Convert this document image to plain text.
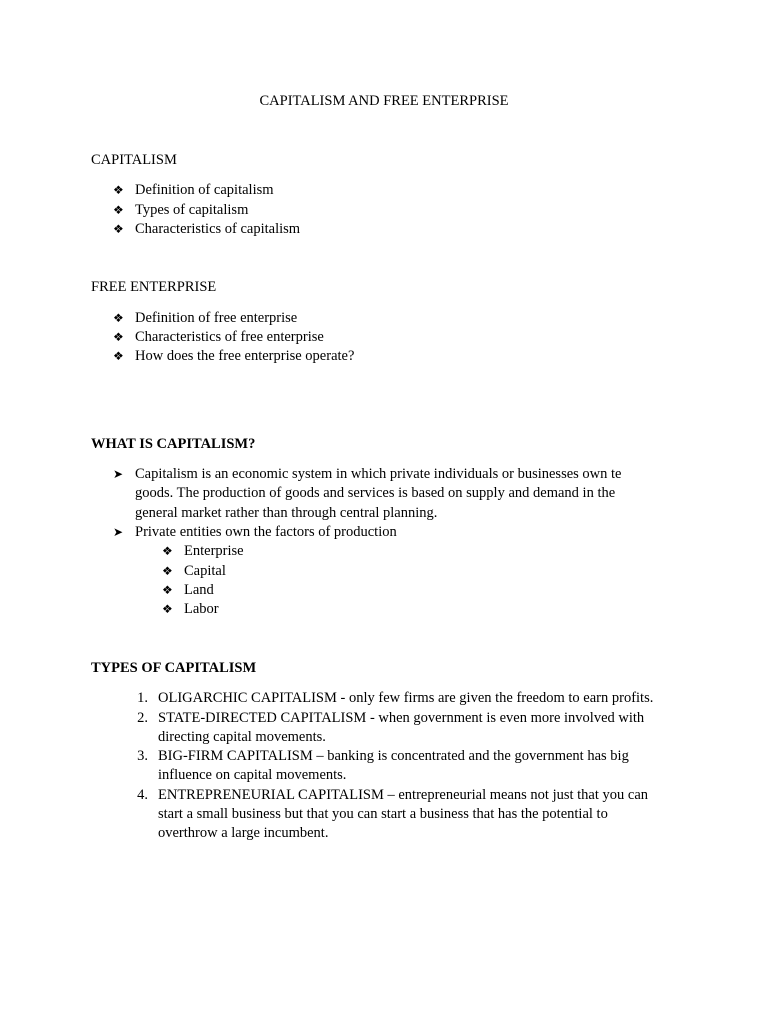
CAPITALISM AND FREE ENTERPRISE
CAPITALISM
❖ Definition of capitalism
❖ Types of capitalism
❖ Characteristics of capitalism
FREE ENTERPRISE
❖ Definition of free enterprise
❖ Characteristics of free enterprise
❖ How does the free enterprise operate?
WHAT IS CAPITALISM?
➤ Capitalism is an economic system in which private individuals or businesses own te
goods. The production of goods and services is based on supply and demand in the
general market rather than through central planning.
➤ Private entities own the factors of production
❖ Enterprise
❖ Capital
❖ Land
❖ Labor
TYPES OF CAPITALISM
1. OLIGARCHIC CAPITALISM - only few firms are given the freedom to earn profits.
2. STATE-DIRECTED CAPITALISM - when government is even more involved with
directing capital movements.
3. BIG-FIRM CAPITALISM – banking is concentrated and the government has big
influence on capital movements.
4. ENTREPRENEURIAL CAPITALISM – entrepreneurial means not just that you can
start a small business but that you can start a business that has the potential to
overthrow a large incumbent.
